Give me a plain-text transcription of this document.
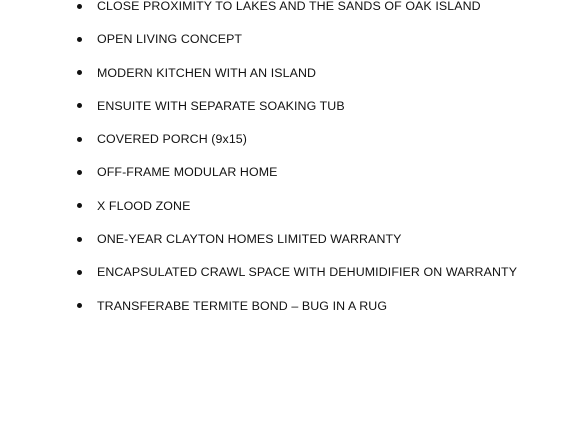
CLOSE PROXIMITY TO LAKES AND THE SANDS OF OAK ISLAND
OPEN LIVING CONCEPT
MODERN KITCHEN WITH AN ISLAND
ENSUITE WITH SEPARATE SOAKING TUB
COVERED PORCH (9x15)
OFF-FRAME MODULAR HOME
X FLOOD ZONE
ONE-YEAR CLAYTON HOMES LIMITED WARRANTY
ENCAPSULATED CRAWL SPACE WITH DEHUMIDIFIER ON WARRANTY
TRANSFERABE TERMITE BOND – BUG IN A RUG
